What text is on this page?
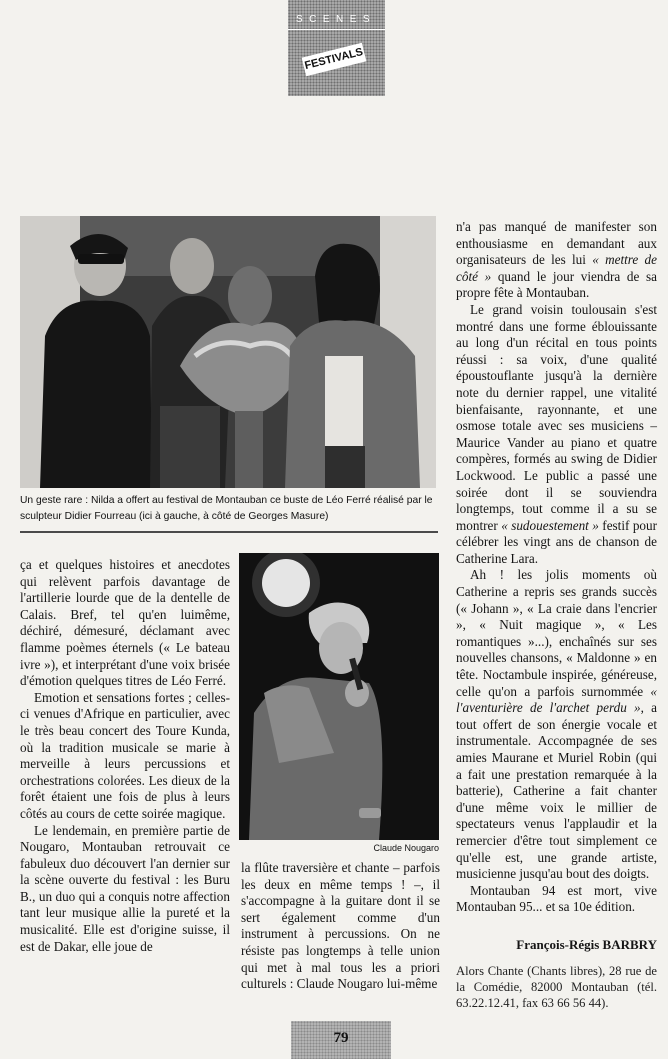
SCENES
FESTIVALS
Un geste rare : Nilda a offert au festival de Montauban ce buste de Léo Ferré réalisé par le sculpteur Didier Fourreau (ici à gauche, à côté de Georges Masure)

ça et quelques histoires et anecdotes qui relèvent parfois davantage de l'artillerie lourde que de la dentelle de Calais. Bref, tel qu'en luimême, déchiré, démesuré, déclamant avec flamme poèmes éternels (« Le bateau ivre »), et interprétant d'une voix brisée d'émotion quelques titres de Léo Ferré.

Emotion et sensations fortes ; celles-ci venues d'Afrique en particulier, avec le très beau concert des Toure Kunda, où la tradition musicale se marie à merveille à leurs percussions et orchestrations colorées. Les dieux de la forêt étaient une fois de plus à leurs côtés au cours de cette soirée magique.

Le lendemain, en première partie de Nougaro, Montauban retrouvait ce fabuleux duo découvert l'an dernier sur la scène ouverte du festival : les Buru B., un duo qui a conquis notre affection tant leur musique allie la pureté et la musicalité. Elle est d'origine suisse, il est de Dakar, elle joue de

Claude Nougaro

la flûte traversière et chante – parfois les deux en même temps ! –, il s'accompagne à la guitare dont il se sert également comme d'un instrument à percussions. On ne résiste pas longtemps à telle union qui met à mal tous les a priori culturels : Claude Nougaro lui-même

n'a pas manqué de manifester son enthousiasme en demandant aux organisateurs de les lui « mettre de côté » quand le jour viendra de sa propre fête à Montauban.

Le grand voisin toulousain s'est montré dans une forme éblouissante au long d'un récital en tous points réussi : sa voix, d'une qualité époustouflante jusqu'à la dernière note du dernier rappel, une vitalité bienfaisante, rayonnante, et une osmose totale avec ses musiciens – Maurice Vander au piano et quatre compères, formés au swing de Didier Lockwood. Le public a passé une soirée dont il se souviendra longtemps, tout comme il a su se montrer « sudouestement » festif pour célébrer les vingt ans de chanson de Catherine Lara.

Ah ! les jolis moments où Catherine a repris ses grands succès (« Johann », « La craie dans l'encrier », « Nuit magique », « Les romantiques »...), enchaînés sur ses nouvelles chansons, « Maldonne » en tête. Noctambule inspirée, généreuse, celle qu'on a parfois surnommée « l'aventurière de l'archet perdu », a tout offert de son énergie vocale et instrumentale. Accompagnée de ses amies Maurane et Muriel Robin (qui a fait une prestation remarquée à la batterie), Catherine a fait chanter d'une même voix le millier de spectateurs venus l'applaudir et la remercier d'être tout simplement ce qu'elle est, une grande artiste, musicienne jusqu'au bout des doigts.

Montauban 94 est mort, vive Montauban 95... et sa 10e édition.

François-Régis BARBRY
Alors Chante (Chants libres), 28 rue de la Comédie, 82000 Montauban (tél. 63.22.12.41, fax 63 66 56 44).
79
